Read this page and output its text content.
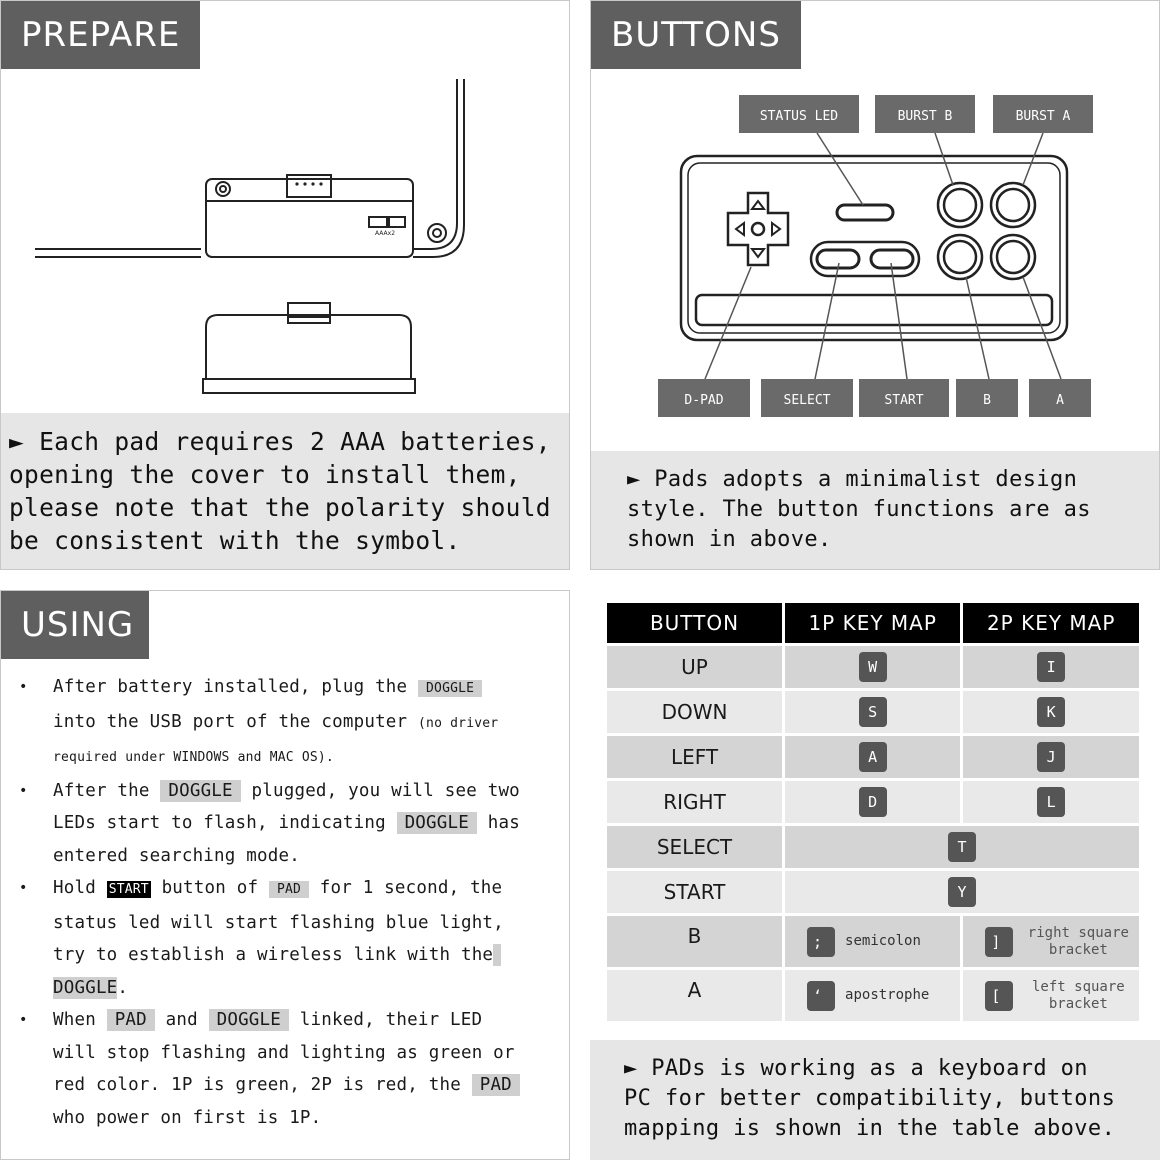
PREPARE
AAAx2
► Each pad requires 2 AAA batteries,
opening the cover to install them,
please note that the polarity should
be consistent with the symbol.
BUTTONS
STATUS LED	BURST B	BURST A
D-PAD	SELECT	START	B	A
► Pads adopts a minimalist design
style. The button functions are as
shown in above.
USING
• After battery installed, plug the DOGGLE
into the USB port of the computer (no driver
required under WINDOWS and MAC OS).
• After the DOGGLE plugged, you will see two
LEDs start to flash, indicating DOGGLE has
entered searching mode.
• Hold START button of PAD for 1 second, the
status led will start flashing blue light,
try to establish a wireless link with the
DOGGLE.
• When PAD and DOGGLE linked, their LED
will stop flashing and lighting as green or
red color. 1P is green, 2P is red, the PAD
who power on first is 1P.
BUTTON	1P KEY MAP	2P KEY MAP
UP	W	I
DOWN	S	K
LEFT	A	J
RIGHT	D	L
SELECT	T	
START	Y	
B	; semicolon	]right square
bracket
A	‘ apostrophe	[left square
bracket
► PADs is working as a keyboard on
PC for better compatibility, buttons
mapping is shown in the table above.
